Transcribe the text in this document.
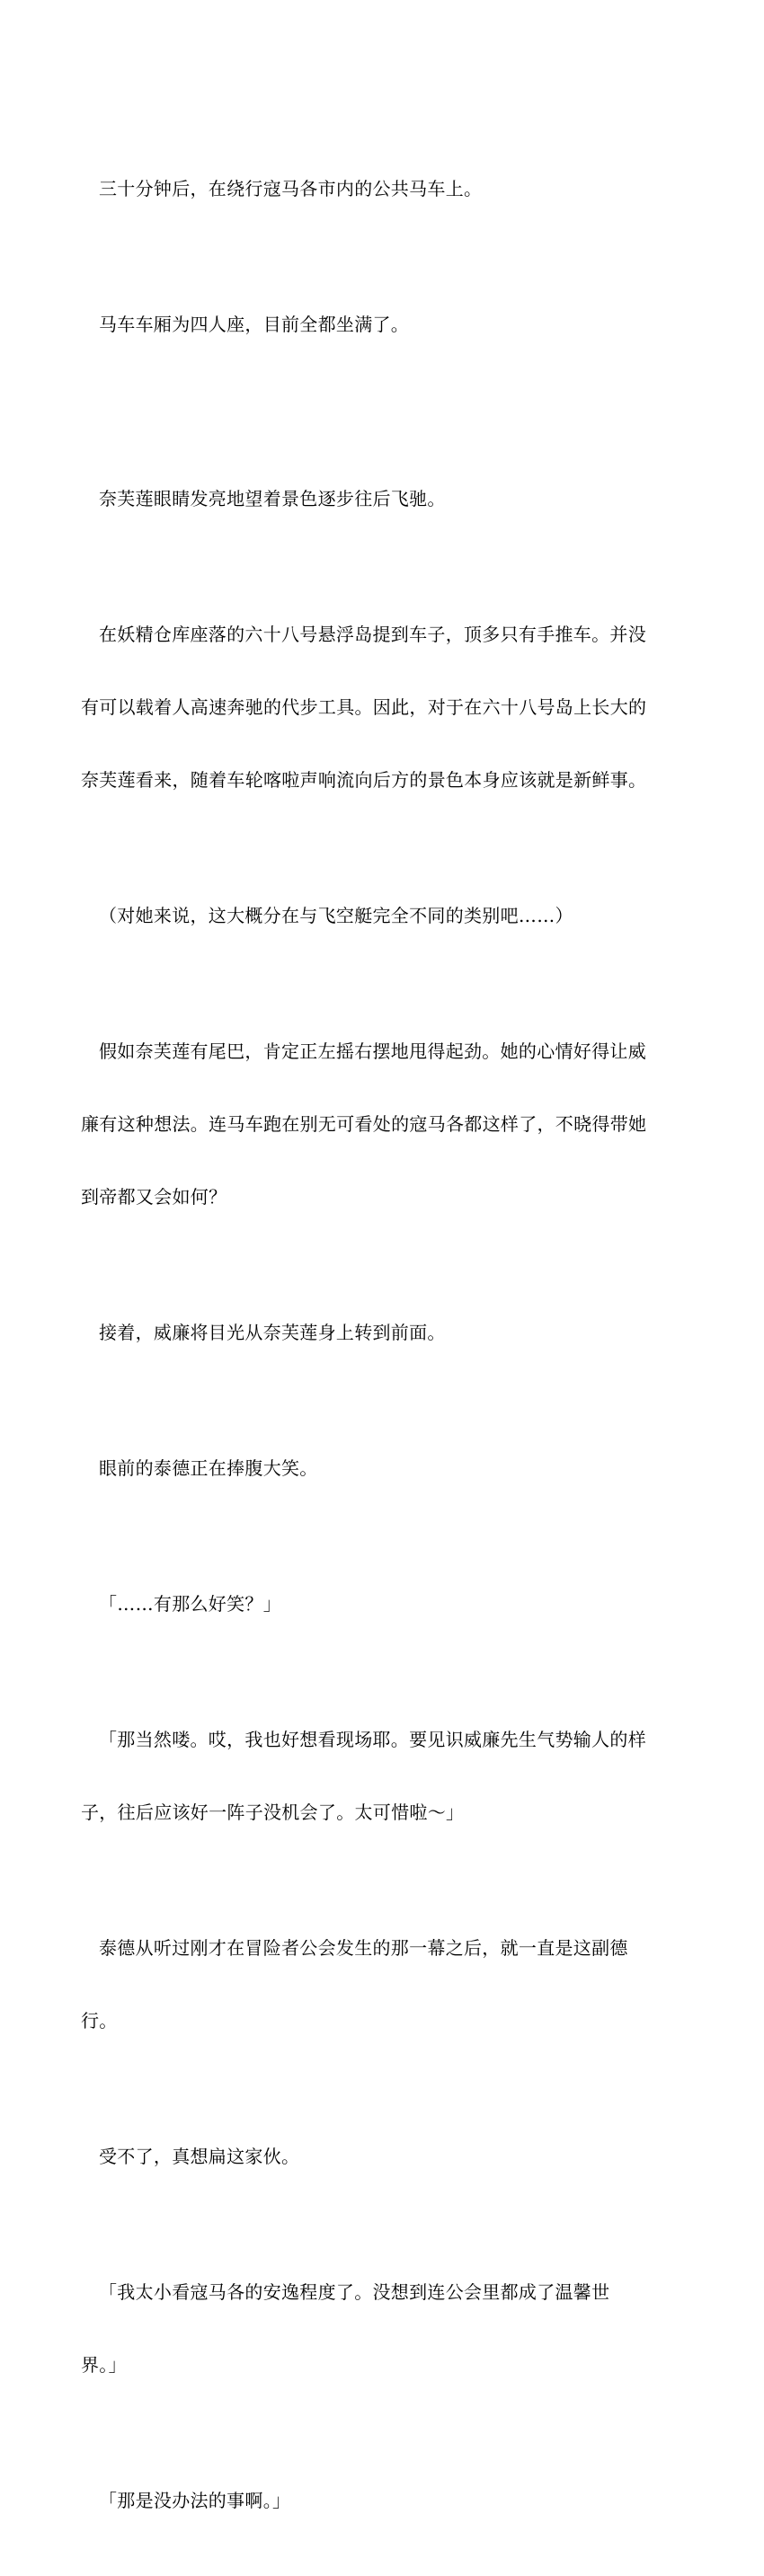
三十分钟后，在绕行寇马各市内的公共马车上。

马车车厢为四人座，目前全都坐满了。

奈芙莲眼睛发亮地望着景色逐步往后飞驰。

在妖精仓库座落的六十八号悬浮岛提到车子，顶多只有手推车。并没

有可以载着人高速奔驰的代步工具。因此，对于在六十八号岛上长大的

奈芙莲看来，随着车轮喀啦声响流向后方的景色本身应该就是新鲜事。

（对她来说，这大概分在与飞空艇完全不同的类别吧……）

假如奈芙莲有尾巴，肯定正左摇右摆地甩得起劲。她的心情好得让威

廉有这种想法。连马车跑在别无可看处的寇马各都这样了，不晓得带她

到帝都又会如何？

接着，威廉将目光从奈芙莲身上转到前面。

眼前的泰德正在捧腹大笑。

「……有那么好笑？」

「那当然喽。哎，我也好想看现场耶。要见识威廉先生气势输人的样

子，往后应该好一阵子没机会了。太可惜啦～」

泰德从听过刚才在冒险者公会发生的那一幕之后，就一直是这副德

行。

受不了，真想扁这家伙。

「我太小看寇马各的安逸程度了。没想到连公会里都成了温馨世

界。」

「那是没办法的事啊。」
